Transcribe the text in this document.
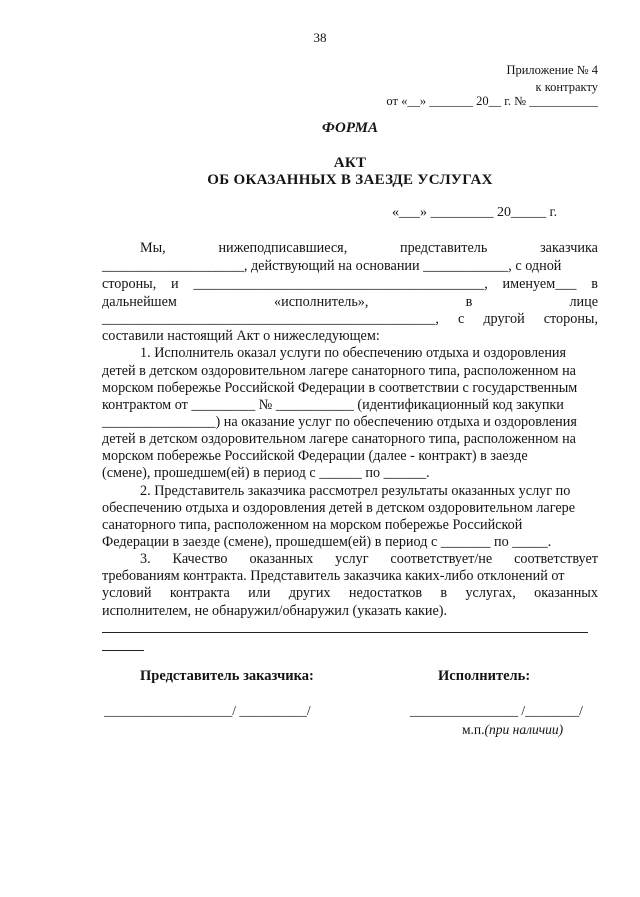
38
Приложение № 4
к контракту
от «__» _______ 20__ г. № ___________
ФОРМА
АКТ
ОБ ОКАЗАННЫХ В ЗАЕЗДЕ УСЛУГАХ
«___» _________ 20_____ г.
Мы,	нижеподписавшиеся,	представитель	заказчика
____________________, действующий на основании ____________, с одной
стороны, и _________________________________________, именуем___ в
дальнейшем	«исполнитель»,	в	лице
_______________________________________________, с другой стороны,
составили настоящий Акт о нижеследующем:
1. Исполнитель оказал услуги по обеспечению отдыха и оздоровления
детей в детском оздоровительном лагере санаторного типа, расположенном на
морском побережье Российской Федерации в соответствии с государственным
контрактом от _________ № ___________ (идентификационный код закупки
________________) на оказание услуг по обеспечению отдыха и оздоровления
детей в детском оздоровительном лагере санаторного типа, расположенном на
морском побережье Российской Федерации (далее - контракт) в заезде
(смене), прошедшем(ей) в период с ______ по ______.
2. Представитель заказчика рассмотрел результаты оказанных услуг по
обеспечению отдыха и оздоровления детей в детском оздоровительном лагере
санаторного типа, расположенном на морском побережье Российской
Федерации в заезде (смене), прошедшем(ей) в период с _______ по _____.
3. Качество оказанных услуг соответствует/не соответствует
требованиям контракта. Представитель заказчика каких-либо отклонений от
условий контракта или других недостатков в услугах, оказанных
исполнителем, не обнаружил/обнаружил (указать какие).
Представитель заказчика:	Исполнитель:
___________________/ __________/	________________ /________/
м.п.(при наличии)
